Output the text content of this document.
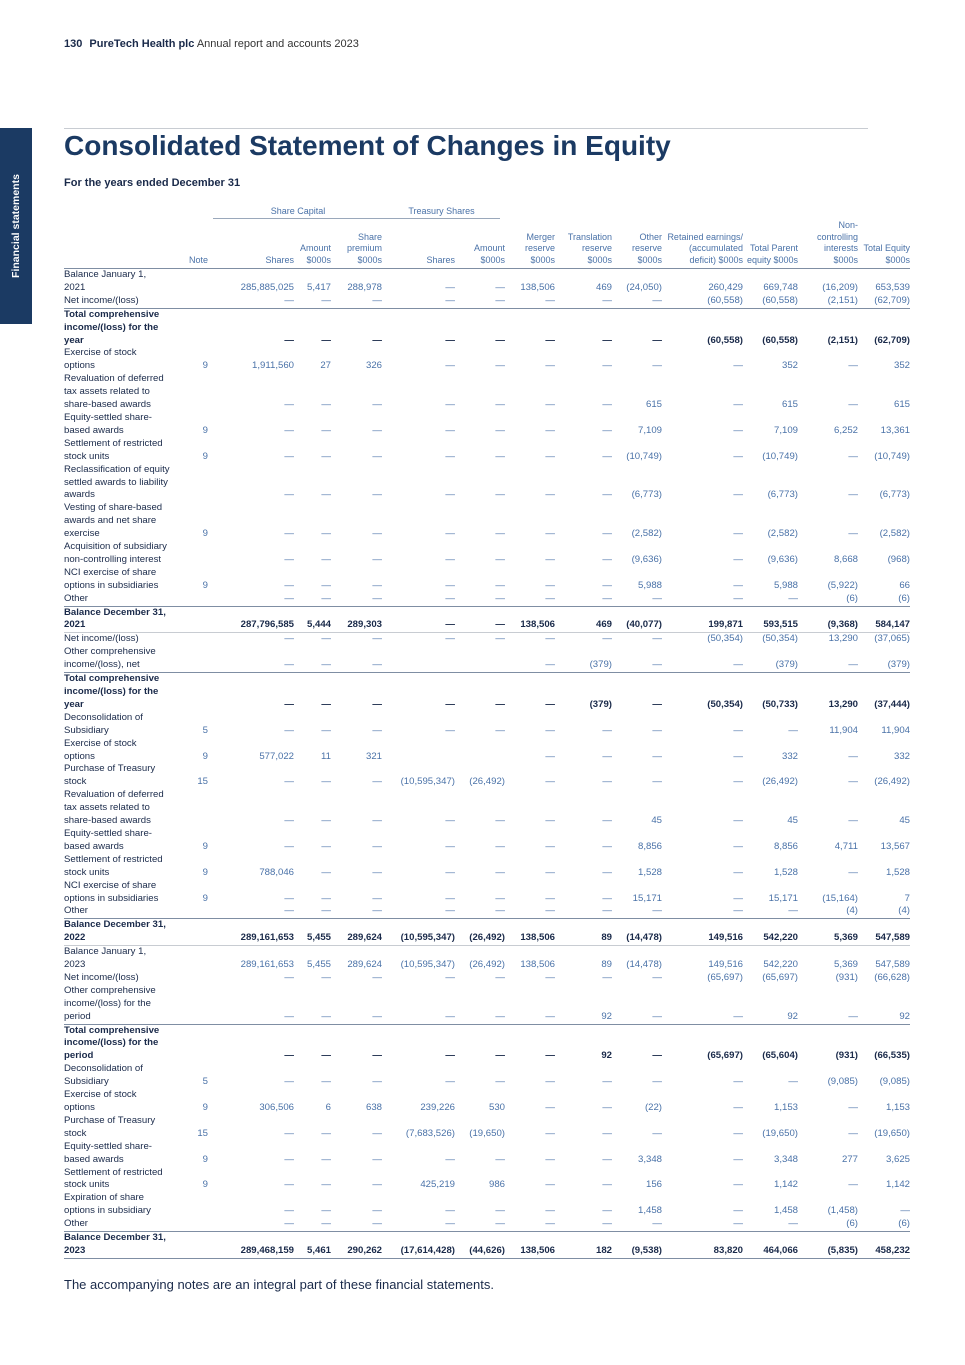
Financial statements
130 PureTech Health plc Annual report and accounts 2023
Consolidated Statement of Changes in Equity
For the years ended December 31
Share Capital	Treasury Shares
	Note	Shares	Amount $000s	Share premium $000s	Shares	Amount $000s	Merger reserve $000s	Translation reserve $000s	Other reserve $000s	Retained earnings/ (accumulated deficit) $000s	Total Parent equity $000s	Non- controlling interests $000s	Total Equity $000s
Balance January 1, 2021		285,885,025	5,417	288,978	—	—	138,506	469	(24,050)	260,429	669,748	(16,209)	653,539
Net income/(loss)		—	—	—	—	—	—	—	—	(60,558)	(60,558)	(2,151)	(62,709)
Total comprehensive income/(loss) for the year		—	—	—	—	—	—	—	—	(60,558)	(60,558)	(2,151)	(62,709)
Exercise of stock options	9	1,911,560	27	326	—	—	—	—	—	—	352	—	352
Revaluation of deferred tax assets related to share-based awards		—	—	—	—	—	—	—	615	—	615	—	615
Equity-settled share-based awards	9	—	—	—	—	—	—	—	7,109	—	7,109	6,252	13,361
Settlement of restricted stock units	9	—	—	—	—	—	—	—	(10,749)	—	(10,749)	—	(10,749)
Reclassification of equity settled awards to liability awards		—	—	—	—	—	—	—	(6,773)	—	(6,773)	—	(6,773)
Vesting of share-based awards and net share exercise	9	—	—	—	—	—	—	—	(2,582)	—	(2,582)	—	(2,582)
Acquisition of subsidiary non-controlling interest		—	—	—	—	—	—	—	(9,636)	—	(9,636)	8,668	(968)
NCI exercise of share options in subsidiaries	9	—	—	—	—	—	—	—	5,988	—	5,988	(5,922)	66
Other		—	—	—	—	—	—	—	—	—	—	(6)	(6)
Balance December 31, 2021		287,796,585	5,444	289,303	—	—	138,506	469	(40,077)	199,871	593,515	(9,368)	584,147
Net income/(loss)		—	—	—	—	—	—	—	—	(50,354)	(50,354)	13,290	(37,065)
Other comprehensive income/(loss), net		—	—	—			—	(379)	—	—	(379)	—	(379)
Total comprehensive income/(loss) for the year		—	—	—	—	—	—	(379)	—	(50,354)	(50,733)	13,290	(37,444)
Deconsolidation of Subsidiary	5	—	—	—	—	—	—	—	—	—	—	11,904	11,904
Exercise of stock options	9	577,022	11	321			—	—	—	—	332	—	332
Purchase of Treasury stock	15	—	—	—	(10,595,347)	(26,492)	—	—	—	—	(26,492)	—	(26,492)
Revaluation of deferred tax assets related to share-based awards		—	—	—	—	—	—	—	45	—	45	—	45
Equity-settled share-based awards	9	—	—	—	—	—	—	—	8,856	—	8,856	4,711	13,567
Settlement of restricted stock units	9	788,046	—	—	—	—	—	—	1,528	—	1,528	—	1,528
NCI exercise of share options in subsidiaries	9	—	—	—	—	—	—	—	15,171	—	15,171	(15,164)	7
Other		—	—	—	—	—	—	—	—	—	—	(4)	(4)
Balance December 31, 2022		289,161,653	5,455	289,624	(10,595,347)	(26,492)	138,506	89	(14,478)	149,516	542,220	5,369	547,589
Balance January 1, 2023		289,161,653	5,455	289,624	(10,595,347)	(26,492)	138,506	89	(14,478)	149,516	542,220	5,369	547,589
Net income/(loss)		—	—	—	—	—	—	—	—	(65,697)	(65,697)	(931)	(66,628)
Other comprehensive income/(loss) for the period		—	—	—	—	—	—	92	—	—	92	—	92
Total comprehensive income/(loss) for the period		—	—	—	—	—	—	92	—	(65,697)	(65,604)	(931)	(66,535)
Deconsolidation of Subsidiary	5	—	—	—	—	—	—	—	—	—	—	(9,085)	(9,085)
Exercise of stock options	9	306,506	6	638	239,226	530	—	—	(22)	—	1,153	—	1,153
Purchase of Treasury stock	15	—	—	—	(7,683,526)	(19,650)	—	—	—	—	(19,650)	—	(19,650)
Equity-settled share-based awards	9	—	—	—	—	—	—	—	3,348	—	3,348	277	3,625
Settlement of restricted stock units	9	—	—	—	425,219	986	—	—	156	—	1,142	—	1,142
Expiration of share options in subsidiary		—	—	—	—	—	—	—	1,458	—	1,458	(1,458)	—
Other		—	—	—	—	—	—	—	—	—	—	(6)	(6)
Balance December 31, 2023		289,468,159	5,461	290,262	(17,614,428)	(44,626)	138,506	182	(9,538)	83,820	464,066	(5,835)	458,232
The accompanying notes are an integral part of these financial statements.
